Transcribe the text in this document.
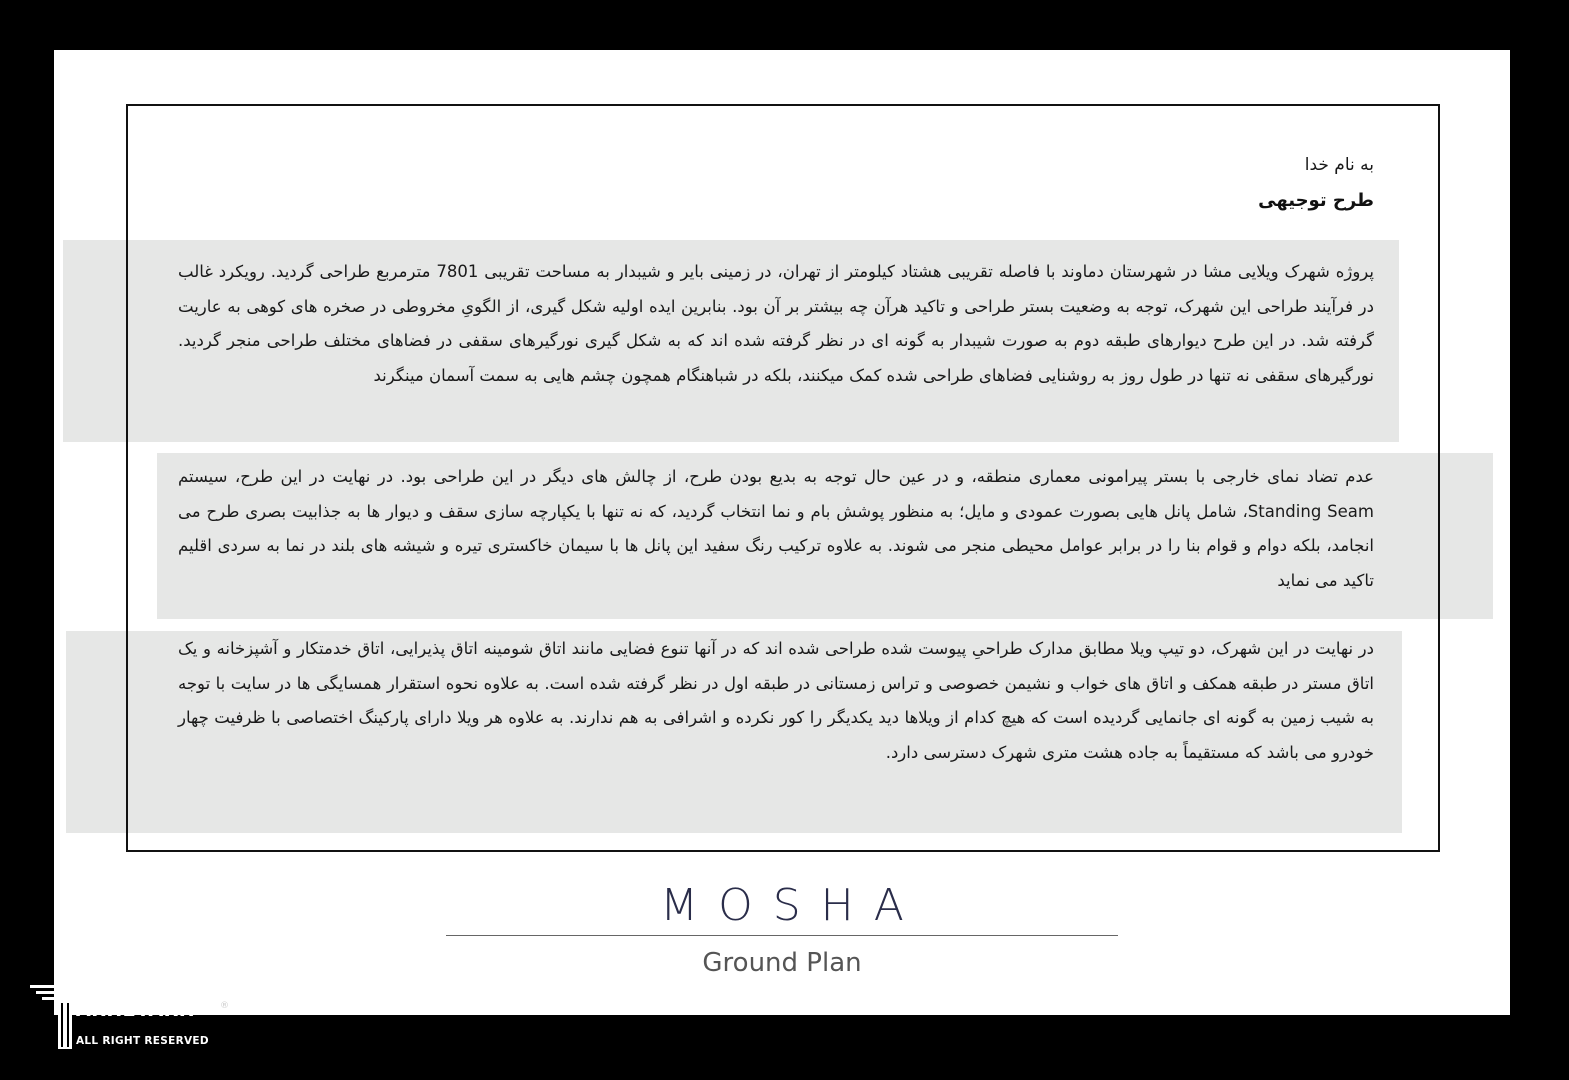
به نام خدا
طرح توجیهی

پروژه شهرک ویلایی مشا در شهرستان دماوند با فاصله تقریبی هشتاد کیلومتر از تهران، در زمینی بایر و شیبدار به مساحت تقریبی 7801 مترمربع طراحی گردید. رویکرد غالب در فرآیند طراحی این شهرک، توجه به وضعیت بستر طراحی و تاکید هرآن چه بیشتر بر آن بود. بنابرین ایده اولیه شکل گیری، از الگویِ مخروطی در صخره های کوهی به عاریت گرفته شد. در این طرح دیوارهای طبقه دوم به صورت شیبدار به گونه ای در نظر گرفته شده اند که به شکل گیری نورگیرهای سقفی در فضاهای مختلف طراحی منجر گردید. نورگیرهای سقفی نه تنها در طول روز به روشنایی فضاهای طراحی شده کمک میکنند، بلکه در شباهنگام همچون چشم هایی به سمت آسمان مینگرند

عدم تضاد نمای خارجی با بستر پیرامونی معماری منطقه، و در عین حال توجه به بدیع بودن طرح، از چالش های دیگر در این طراحی بود. در نهایت در این طرح، سیستم Standing Seam، شامل پانل هایی بصورت عمودی و مایل؛ به منظور پوشش بام و نما انتخاب گردید، که نه تنها با یکپارچه سازی سقف و دیوار ها به جذابیت بصری طرح می انجامد، بلکه دوام و قوام بنا را در برابر عوامل محیطی منجر می شوند. به علاوه ترکیب رنگ سفید این پانل ها با سیمان خاکستری تیره و شیشه های بلند در نما به سردی اقلیم تاکید می نماید

در نهایت در این شهرک، دو تیپ ویلا مطابق مدارک طراحیِ پیوست شده طراحی شده اند که در آنها تنوع فضایی مانند اتاق شومینه اتاق پذیرایی، اتاق خدمتکار و آشپزخانه و یک اتاق مستر در طبقه همکف و اتاق های خواب و نشیمن خصوصی و تراس زمستانی در طبقه اول در نظر گرفته شده است. به علاوه نحوه استقرار همسایگی ها در سایت با توجه به شیب زمین به گونه ای جانمایی گردیده است که هیچ کدام از ویلاها دید یکدیگر را کور نکرده و اشرافی به هم ندارند. به علاوه هر ویلا دارای پارکینگ اختصاصی با ظرفیت چهار خودرو می باشد که مستقیماً به جاده هشت متری شهرک دسترسی دارد.

MOSHA
Ground Plan
ARH2TARH	®
ALL RIGHT RESERVED
